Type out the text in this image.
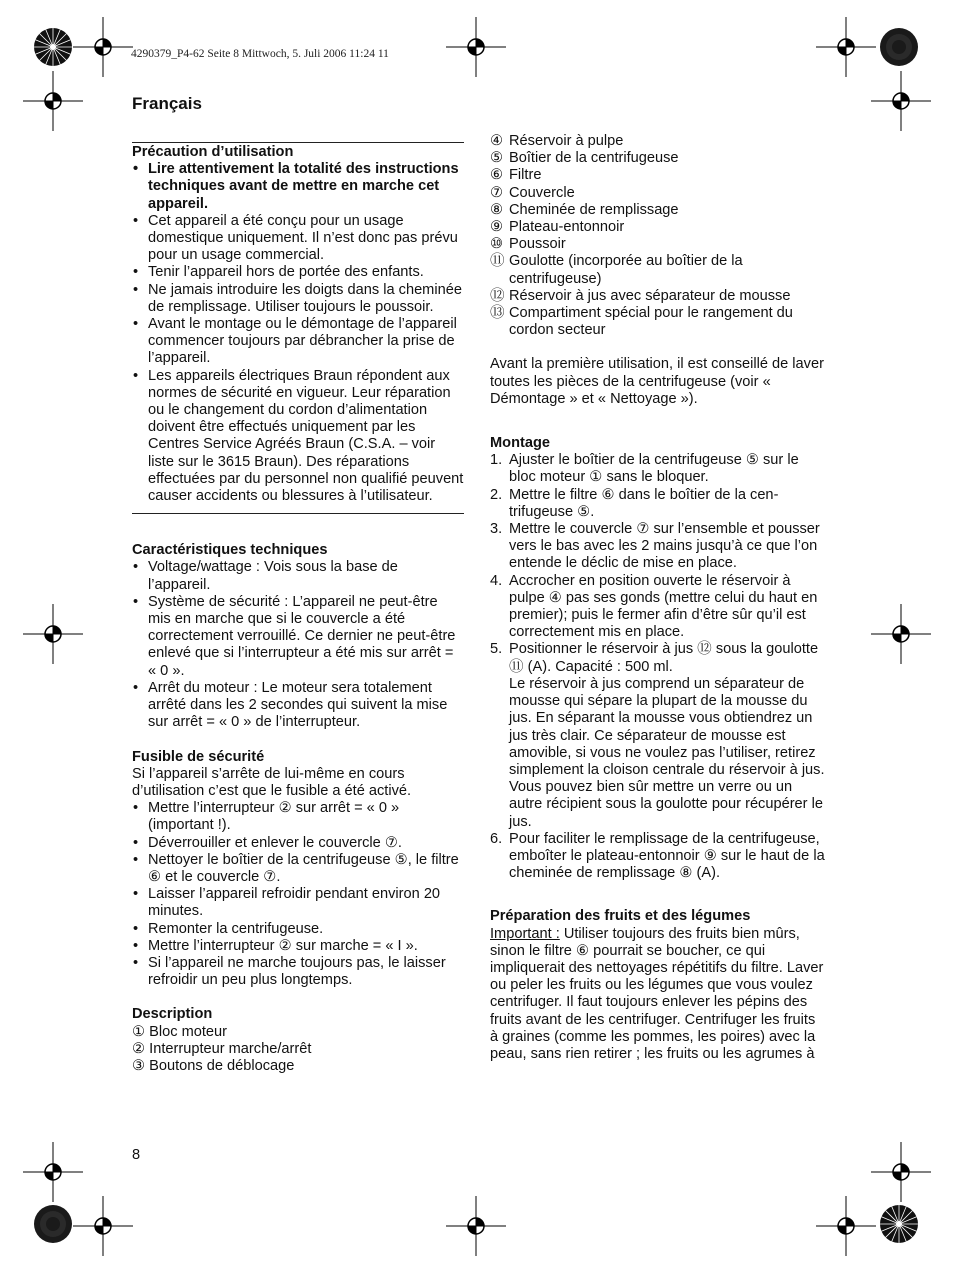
4290379_P4-62 Seite 8 Mittwoch, 5. Juli 2006 11:24 11
Français
Précaution d’utilisation
• Lire attentivement la totalité des instructions techniques avant de mettre en marche cet appareil.
• Cet appareil a été conçu pour un usage domestique uniquement. Il n’est donc pas prévu pour un usage commercial.
• Tenir l’appareil hors de portée des enfants.
• Ne jamais introduire les doigts dans la cheminée de remplissage. Utiliser toujours le poussoir.
• Avant le montage ou le démontage de l’appareil commencer toujours par débrancher la prise de l’appareil.
• Les appareils électriques Braun répondent aux normes de sécurité en vigueur. Leur réparation ou le changement du cordon d’alimentation doivent être effectués uniquement par les Centres Service Agréés Braun (C.S.A. – voir liste sur le 3615 Braun). Des réparations effectuées par du personnel non qualifié peuvent causer accidents ou blessures à l’utilisateur.
Caractéristiques techniques
• Voltage/wattage : Vois sous la base de l’appareil.
• Système de sécurité : L’appareil ne peut-être mis en marche que si le couvercle a été correctement verrouillé. Ce dernier ne peut-être enlevé que si l’interrupteur a été mis sur arrêt = « 0 ».
• Arrêt du moteur : Le moteur sera totalement arrêté dans les 2 secondes qui suivent la mise sur arrêt = « 0 » de l’interrupteur.
Fusible de sécurité

Si l’appareil s’arrête de lui-même en cours d’utilisation c’est que le fusible a été activé.

• Mettre l’interrupteur ② sur arrêt = « 0 » (important !).
• Déverrouiller et enlever le couvercle ⑦.
• Nettoyer le boîtier de la centrifugeuse ⑤, le filtre ⑥ et le couvercle ⑦.
• Laisser l’appareil refroidir pendant environ 20 minutes.
• Remonter la centrifugeuse.
• Mettre l’interrupteur ② sur marche = « I ».
• Si l’appareil ne marche toujours pas, le laisser refroidir un peu plus longtemps.
Description
① Bloc moteur
② Interrupteur marche/arrêt
③ Boutons de déblocage
④ Réservoir à pulpe
⑤ Boîtier de la centrifugeuse
⑥ Filtre
⑦ Couvercle
⑧ Cheminée de remplissage
⑨ Plateau-entonnoir
⑩ Poussoir
⑪ Goulotte (incorporée au boîtier de la centrifugeuse)
⑫ Réservoir à jus avec séparateur de mousse
⑬ Compartiment spécial pour le rangement du cordon secteur

Avant la première utilisation, il est conseillé de laver toutes les pièces de la centrifugeuse (voir « Démontage » et « Nettoyage »).

Montage
1. Ajuster le boîtier de la centrifugeuse ⑤ sur le bloc moteur ① sans le bloquer.
2. Mettre le filtre ⑥ dans le boîtier de la centrifugeuse ⑤.
3. Mettre le couvercle ⑦ sur l’ensemble et pousser vers le bas avec les 2 mains jusqu’à ce que l’on entende le déclic de mise en place.
4. Accrocher en position ouverte le réservoir à pulpe ④ pas ses gonds (mettre celui du haut en premier); puis le fermer afin d’être sûr qu’il est correctement mis en place.
5. Positionner le réservoir à jus ⑫ sous la goulotte ⑪ (A). Capacité : 500 ml.
Le réservoir à jus comprend un séparateur de mousse qui sépare la plupart de la mousse du jus. En séparant la mousse vous obtiendrez un jus très clair. Ce séparateur de mousse est amovible, si vous ne voulez pas l’utiliser, retirez simplement la cloison centrale du réservoir à jus. Vous pouvez bien sûr mettre un verre ou un autre récipient sous la goulotte pour récupérer le jus.
6. Pour faciliter le remplissage de la centrifugeuse, emboîter le plateau-entonnoir ⑨ sur le haut de la cheminée de remplissage ⑧ (A).
Préparation des fruits et des légumes

Important : Utiliser toujours des fruits bien mûrs, sinon le filtre ⑥ pourrait se boucher, ce qui impliquerait des nettoyages répétitifs du filtre. Laver ou peler les fruits ou les légumes que vous voulez centrifuger. Il faut toujours enlever les pépins des fruits avant de les centrifuger. Centrifuger les fruits à graines (comme les pommes, les poires) avec la peau, sans rien retirer ; les fruits ou les agrumes à

8
